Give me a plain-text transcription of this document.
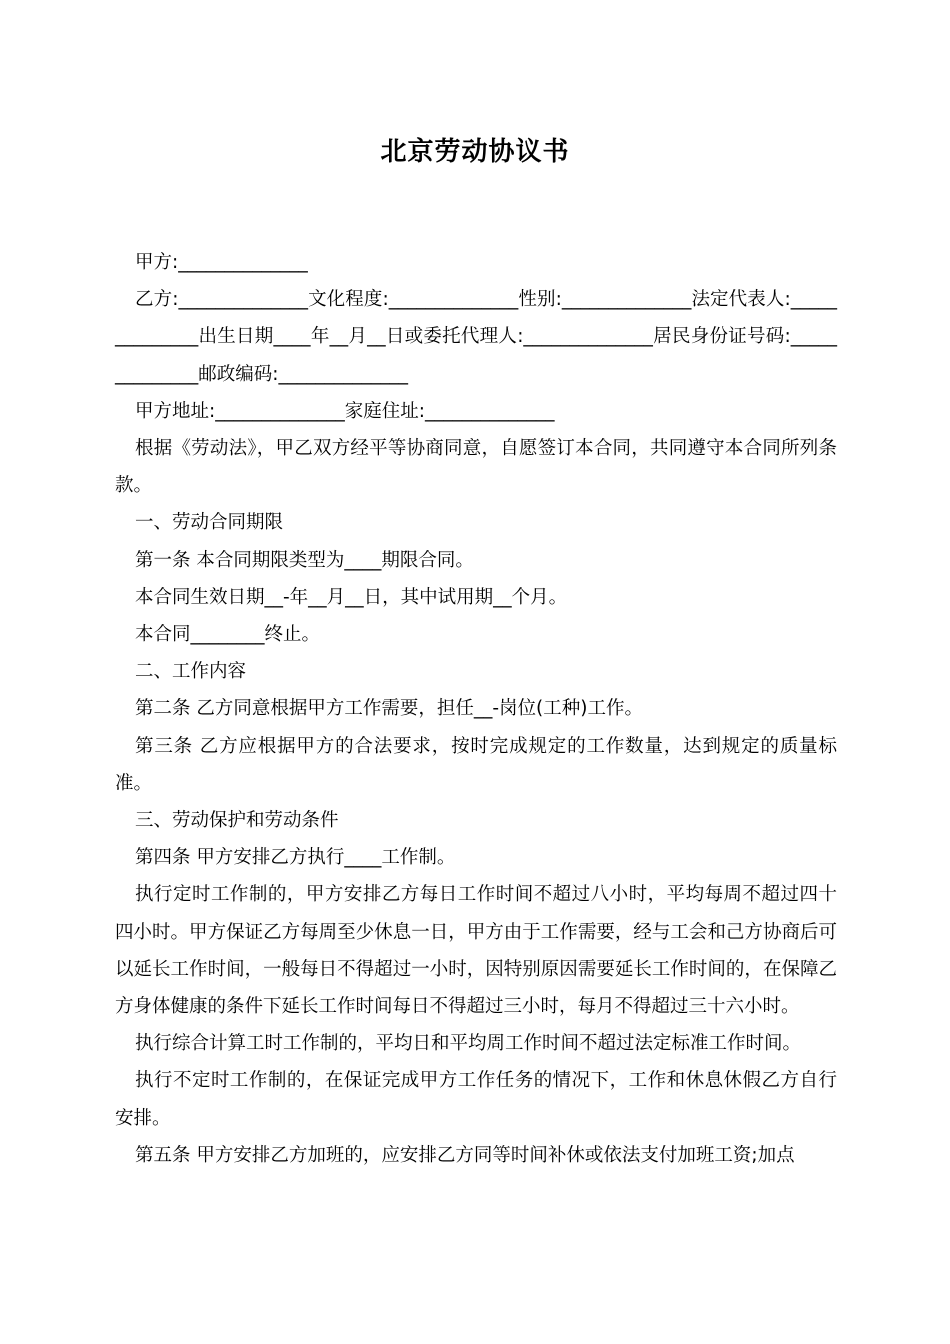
北京劳动协议书

甲方:______________

乙方:______________文化程度:______________性别:______________法定代表人:______________出生日期____年__月__日或委托代理人:______________居民身份证号码:______________邮政编码:______________

甲方地址:______________家庭住址:______________

根据《劳动法》，甲乙双方经平等协商同意，自愿签订本合同，共同遵守本合同所列条款。

一、劳动合同期限

第一条 本合同期限类型为____期限合同。

本合同生效日期__-年__月__日，其中试用期__个月。

本合同________终止。

二、工作内容

第二条 乙方同意根据甲方工作需要，担任__-岗位(工种)工作。

第三条 乙方应根据甲方的合法要求，按时完成规定的工作数量，达到规定的质量标准。

三、劳动保护和劳动条件

第四条 甲方安排乙方执行____工作制。

执行定时工作制的，甲方安排乙方每日工作时间不超过八小时，平均每周不超过四十四小时。甲方保证乙方每周至少休息一日，甲方由于工作需要，经与工会和己方协商后可以延长工作时间，一般每日不得超过一小时，因特别原因需要延长工作时间的，在保障乙方身体健康的条件下延长工作时间每日不得超过三小时，每月不得超过三十六小时。

执行综合计算工时工作制的，平均日和平均周工作时间不超过法定标准工作时间。

执行不定时工作制的，在保证完成甲方工作任务的情况下，工作和休息休假乙方自行安排。

第五条 甲方安排乙方加班的，应安排乙方同等时间补休或依法支付加班工资;加点
